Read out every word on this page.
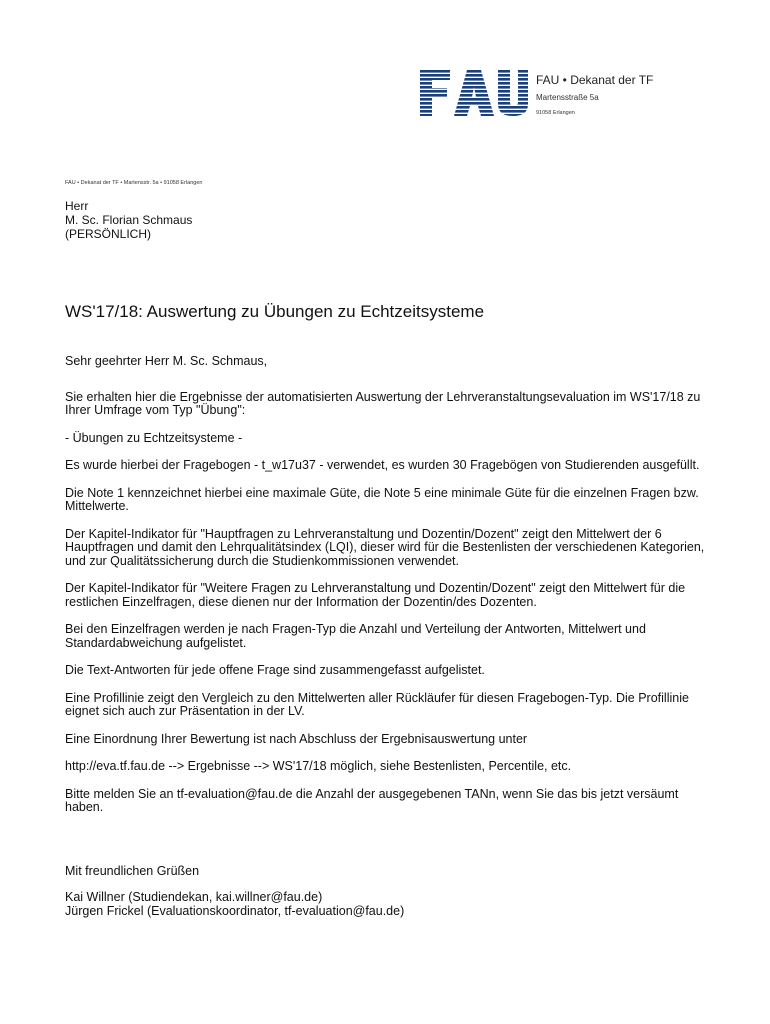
FAU • Dekanat der TF
Martensstraße 5a
91058 Erlangen
FAU • Dekanat der TF • Martensstr. 5a • 91058 Erlangen
Herr
M. Sc. Florian Schmaus
(PERSÖNLICH)
WS'17/18: Auswertung zu Übungen zu Echtzeitsysteme

Sehr geehrter Herr M. Sc. Schmaus,

Sie erhalten hier die Ergebnisse der automatisierten Auswertung der Lehrveranstaltungsevaluation im WS'17/18 zu Ihrer Umfrage vom Typ "Übung":

- Übungen zu Echtzeitsysteme -

Es wurde hierbei der Fragebogen - t_w17u37 - verwendet, es wurden 30 Fragebögen von Studierenden ausgefüllt.

Die Note 1 kennzeichnet hierbei eine maximale Güte, die Note 5 eine minimale Güte für die einzelnen Fragen bzw. Mittelwerte.

Der Kapitel-Indikator für "Hauptfragen zu Lehrveranstaltung und Dozentin/Dozent" zeigt den Mittelwert der 6 Hauptfragen und damit den Lehrqualitätsindex (LQI), dieser wird für die Bestenlisten der verschiedenen Kategorien, und zur Qualitätssicherung durch die Studienkommissionen verwendet.

Der Kapitel-Indikator für "Weitere Fragen zu Lehrveranstaltung und Dozentin/Dozent" zeigt den Mittelwert für die restlichen Einzelfragen, diese dienen nur der Information der Dozentin/des Dozenten.

Bei den Einzelfragen werden je nach Fragen-Typ die Anzahl und Verteilung der Antworten, Mittelwert und Standardabweichung aufgelistet.

Die Text-Antworten für jede offene Frage sind zusammengefasst aufgelistet.

Eine Profillinie zeigt den Vergleich zu den Mittelwerten aller Rückläufer für diesen Fragebogen-Typ. Die Profillinie eignet sich auch zur Präsentation in der LV.

Eine Einordnung Ihrer Bewertung ist nach Abschluss der Ergebnisauswertung unter

http://eva.tf.fau.de --> Ergebnisse --> WS'17/18 möglich, siehe Bestenlisten, Percentile, etc.

Bitte melden Sie an tf-evaluation@fau.de die Anzahl der ausgegebenen TANn, wenn Sie das bis jetzt versäumt haben.

Mit freundlichen Grüßen
Kai Willner (Studiendekan, kai.willner@fau.de)
Jürgen Frickel (Evaluationskoordinator, tf-evaluation@fau.de)
